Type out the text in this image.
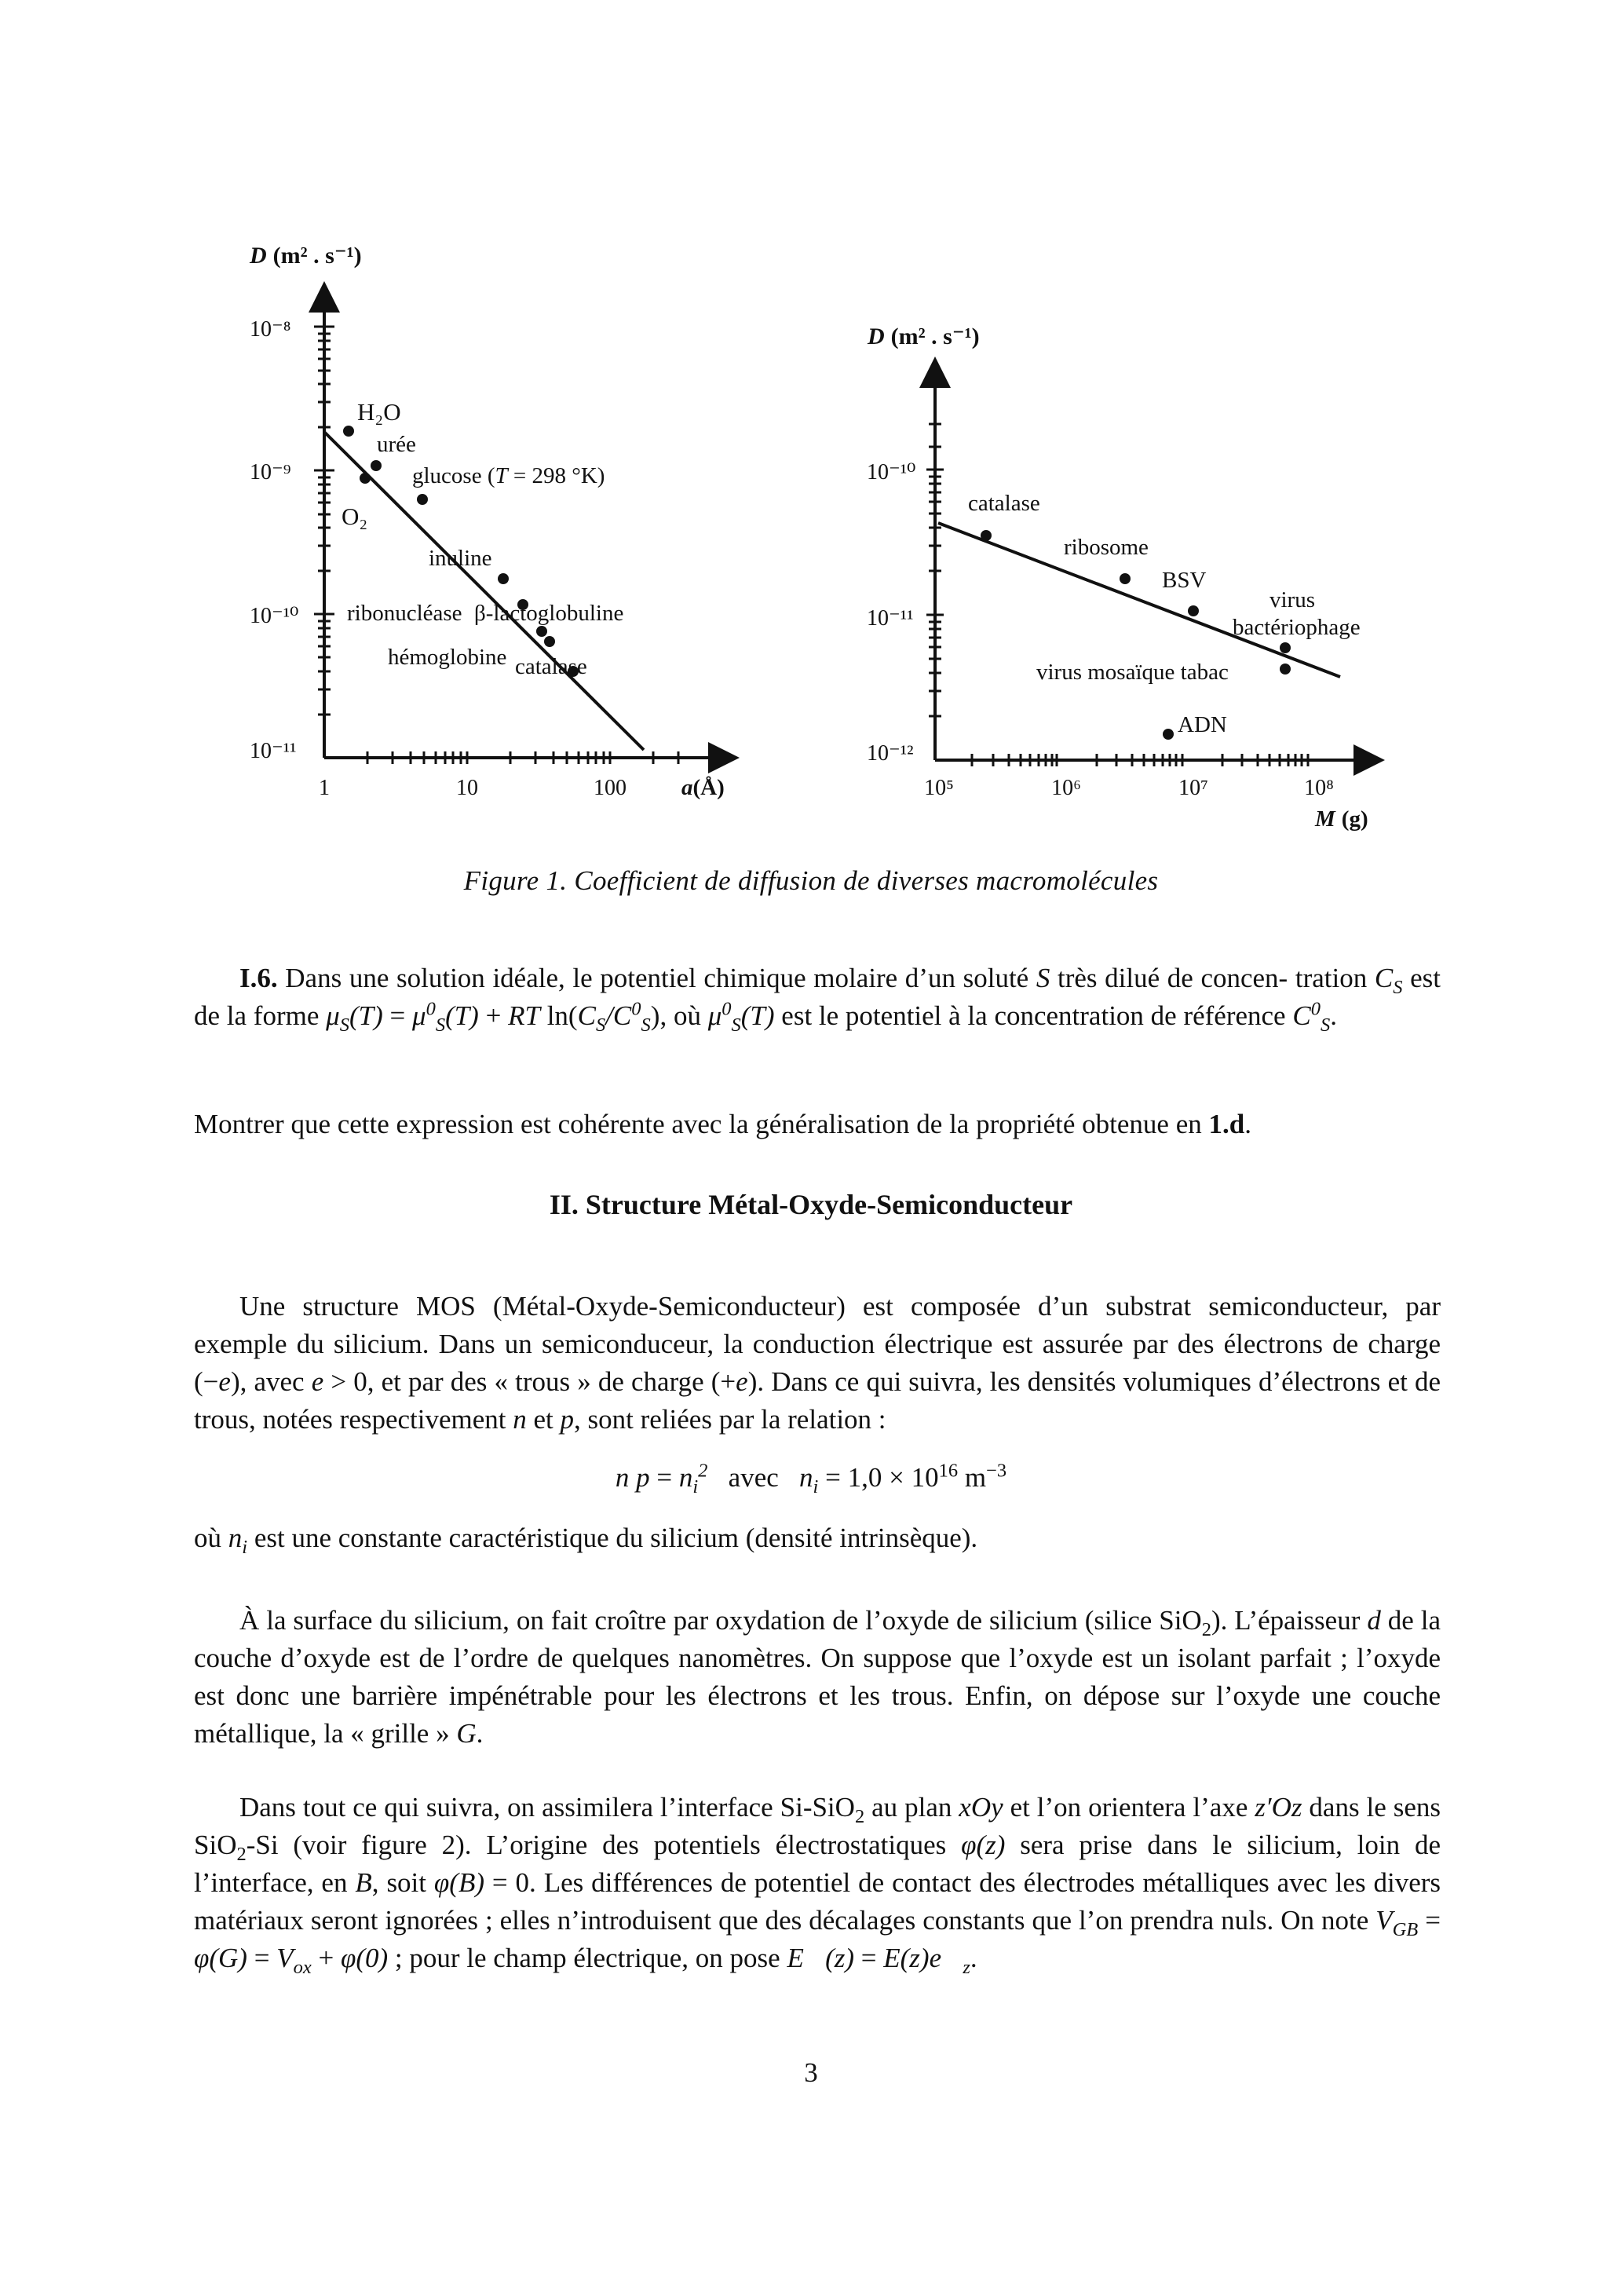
D (m² . s⁻¹)
10⁻⁸
10⁻⁹
10⁻¹⁰
10⁻¹¹
1	10	100 a(Å)
H₂O
urée
glucose (T = 298 °K)
O₂
inuline
ribonucléase β-lactoglobuline
hémoglobine catalase
D (m² . s⁻¹)
10⁻¹⁰
10⁻¹¹
10⁻¹²
10⁵	10⁶	10⁷	10⁸
M (g)
catalase
ribosome
BSV
virus
bactériophage
virus mosaïque tabac
ADN
Figure 1. Coefficient de diffusion de diverses macromolécules
I.6. Dans une solution idéale, le potentiel chimique molaire d’un soluté S très dilué de concen- tration $C_S$ est de la forme $\mu_S(T) = \mu^0_S(T)$ + RT $\ln(C_S/C^0_S)$, où $\mu^0_S(T)$ est le potentiel à la concentration de référence $C^0_S$.
Montrer que cette expression est cohérente avec la généralisation de la propriété obtenue en 1.d.
II. Structure Métal-Oxyde-Semiconducteur
Une structure MOS (Métal-Oxyde-Semiconducteur) est composée d’un substrat semiconducteur, par exemple du silicium. Dans un semiconduceur, la conduction électrique est assurée par des électrons de charge (−e), avec e > 0, et par des « trous » de charge (+e). Dans ce qui suivra, les densités volumiques d’électrons et de trous, notées respectivement n et p, sont reliées par la relation :
n $p = n_i^2$ avec $n_i = 1,0 \times 10^{16}$ $m^{-3}$
où $n_i$ est une constante caractéristique du silicium (densité intrinsèque).
À la surface du silicium, on fait croître par oxydation de l’oxyde de silicium (silice SiO$_2$). L’épaisseur d de la couche d’oxyde est de l’ordre de quelques nanomètres. On suppose que l’oxyde est un isolant parfait ; l’oxyde est donc une barrière impénétrable pour les électrons et les trous. Enfin, on dépose sur l’oxyde une couche métallique, la « grille » G.
Dans tout ce qui suivra, on assimilera l’interface Si-SiO$_2$ au plan xOy et l’on orientera l’axe z′Oz dans le sens SiO$_2$-Si (voir figure 2). L’origine des potentiels électrostatiques φ(z) sera prise dans le silicium, loin de l’interface, en B, soit φ(B) = 0. Les différences de potentiel de contact des électrodes métalliques avec les divers matériaux seront ignorées ; elles n’introduisent que des décalages constants que l’on prendra nuls. On note $V_{GB} = \varphi(G) = V_{ox} + \varphi(0)$ ; pour le champ électrique, on pose E⃗(z) = $E(z)e⃗_z$.
3
